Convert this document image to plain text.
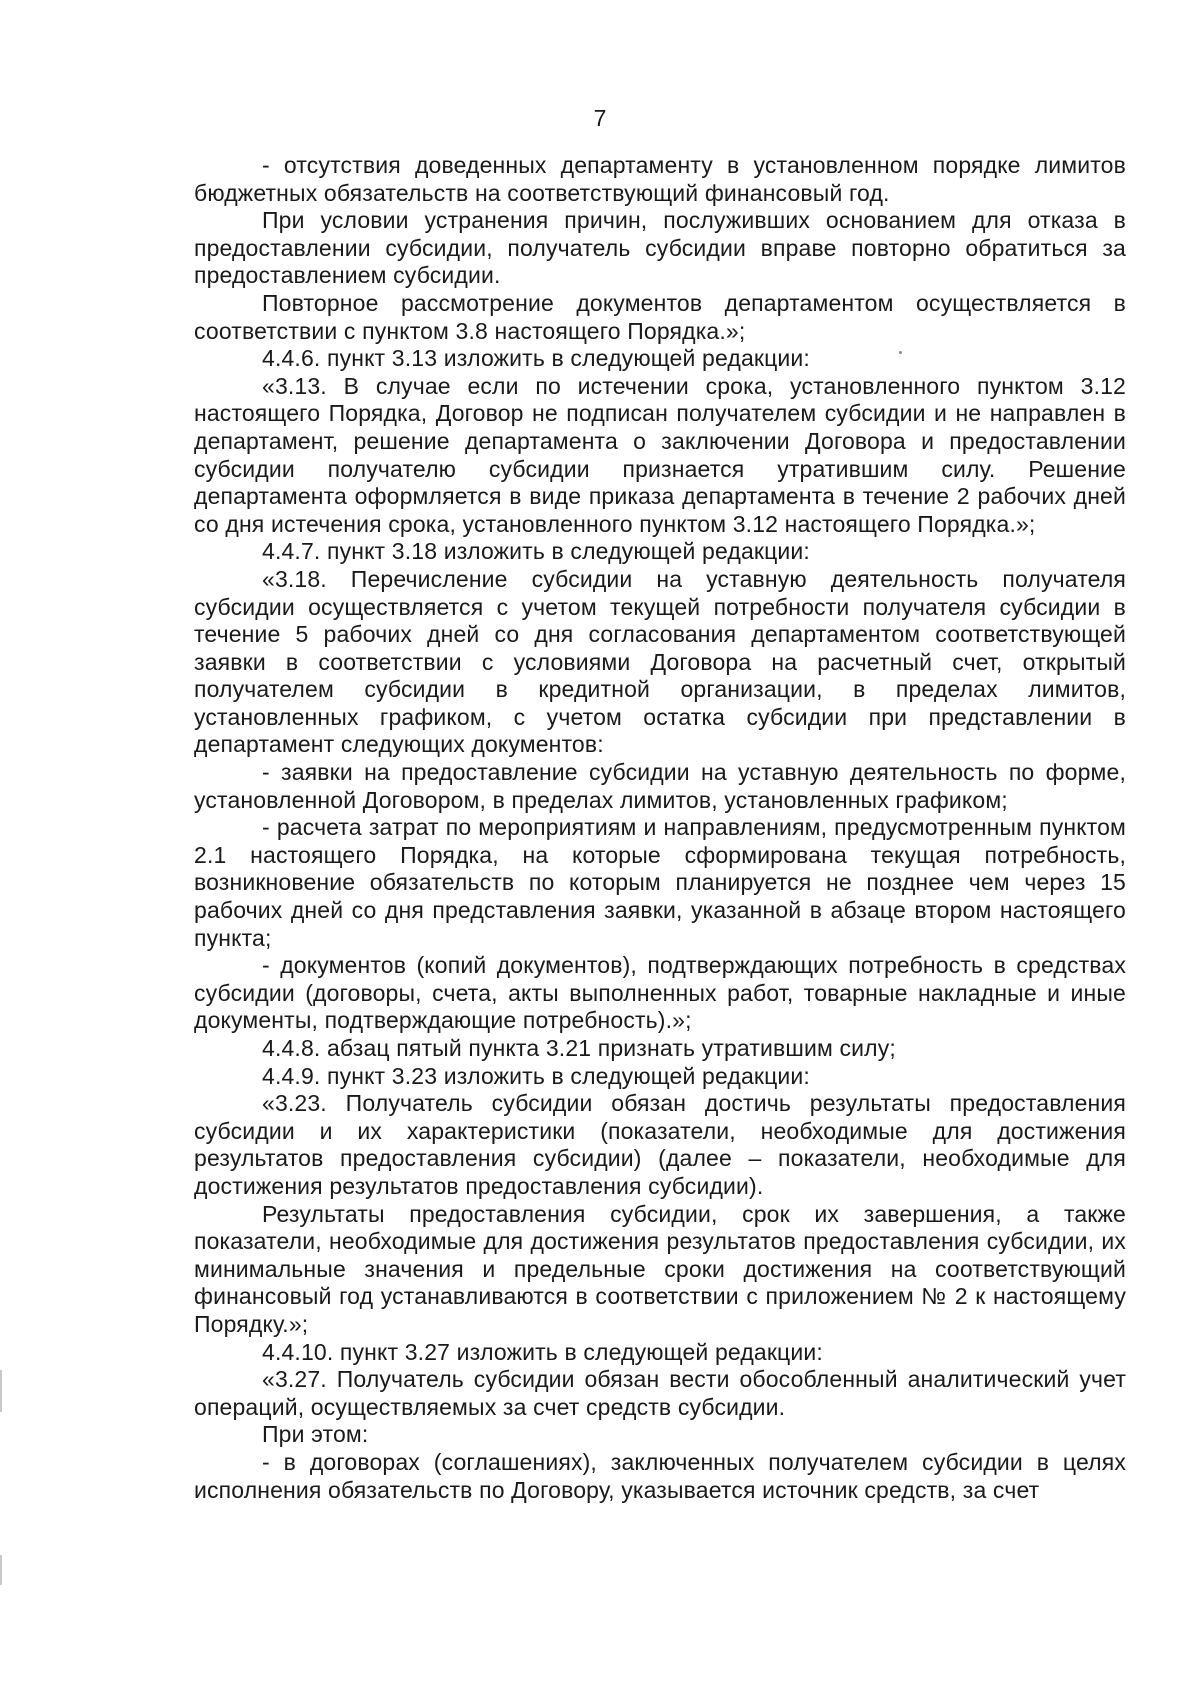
7

- отсутствия доведенных департаменту в установленном порядке лимитов бюджетных обязательств на соответствующий финансовый год.

При условии устранения причин, послуживших основанием для отказа в предоставлении субсидии, получатель субсидии вправе повторно обратиться за предоставлением субсидии.

Повторное рассмотрение документов департаментом осуществляется в соответствии с пунктом 3.8 настоящего Порядка.»;

4.4.6. пункт 3.13 изложить в следующей редакции:

«3.13. В случае если по истечении срока, установленного пунктом 3.12 настоящего Порядка, Договор не подписан получателем субсидии и не направлен в департамент, решение департамента о заключении Договора и предоставлении субсидии получателю субсидии признается утратившим силу. Решение департамента оформляется в виде приказа департамента в течение 2 рабочих дней со дня истечения срока, установленного пунктом 3.12 настоящего Порядка.»;

4.4.7. пункт 3.18 изложить в следующей редакции:

«3.18. Перечисление субсидии на уставную деятельность получателя субсидии осуществляется с учетом текущей потребности получателя субсидии в течение 5 рабочих дней со дня согласования департаментом соответствующей заявки в соответствии с условиями Договора на расчетный счет, открытый получателем субсидии в кредитной организации, в пределах лимитов, установленных графиком, с учетом остатка субсидии при представлении в департамент следующих документов:

- заявки на предоставление субсидии на уставную деятельность по форме, установленной Договором, в пределах лимитов, установленных графиком;

- расчета затрат по мероприятиям и направлениям, предусмотренным пунктом 2.1 настоящего Порядка, на которые сформирована текущая потребность, возникновение обязательств по которым планируется не позднее чем через 15 рабочих дней со дня представления заявки, указанной в абзаце втором настоящего пункта;

- документов (копий документов), подтверждающих потребность в средствах субсидии (договоры, счета, акты выполненных работ, товарные накладные и иные документы, подтверждающие потребность).»;

4.4.8. абзац пятый пункта 3.21 признать утратившим силу;

4.4.9. пункт 3.23 изложить в следующей редакции:

«3.23. Получатель субсидии обязан достичь результаты предоставления субсидии и их характеристики (показатели, необходимые для достижения результатов предоставления субсидии) (далее – показатели, необходимые для достижения результатов предоставления субсидии).

Результаты предоставления субсидии, срок их завершения, а также показатели, необходимые для достижения результатов предоставления субсидии, их минимальные значения и предельные сроки достижения на соответствующий финансовый год устанавливаются в соответствии с приложением № 2 к настоящему Порядку.»;

4.4.10. пункт 3.27 изложить в следующей редакции:

«3.27. Получатель субсидии обязан вести обособленный аналитический учет операций, осуществляемых за счет средств субсидии.

При этом:

- в договорах (соглашениях), заключенных получателем субсидии в целях исполнения обязательств по Договору, указывается источник средств, за счет
